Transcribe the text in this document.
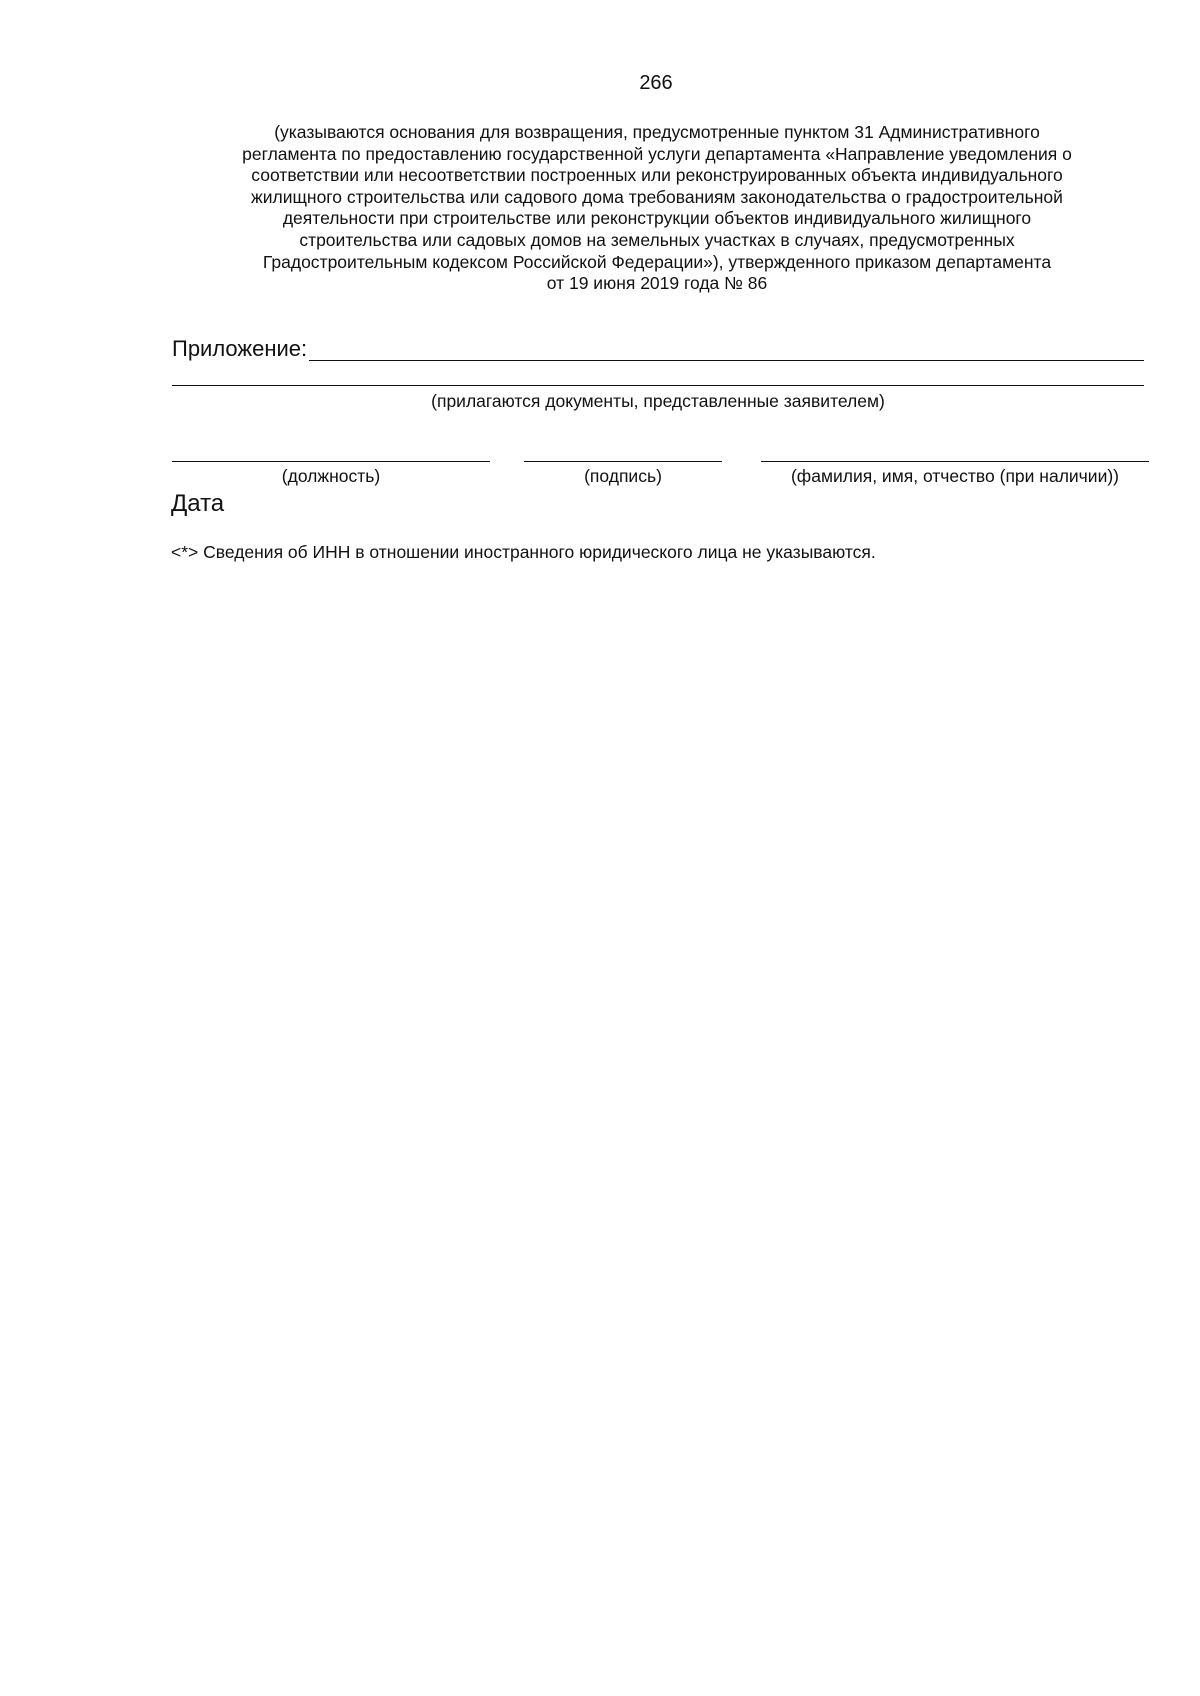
266
(указываются основания для возвращения, предусмотренные пунктом 31 Административного
регламента по предоставлению государственной услуги департамента «Направление уведомления о
соответствии или несоответствии построенных или реконструированных объекта индивидуального
жилищного строительства или садового дома требованиям законодательства о градостроительной
деятельности при строительстве или реконструкции объектов индивидуального жилищного
строительства или садовых домов на земельных участках в случаях, предусмотренных
Градостроительным кодексом Российской Федерации»), утвержденного приказом департамента
от 19 июня 2019 года № 86
Приложение:
(прилагаются документы, представленные заявителем)
(должность)	(подпись)	(фамилия, имя, отчество (при наличии))
Дата
<*> Сведения об ИНН в отношении иностранного юридического лица не указываются.
